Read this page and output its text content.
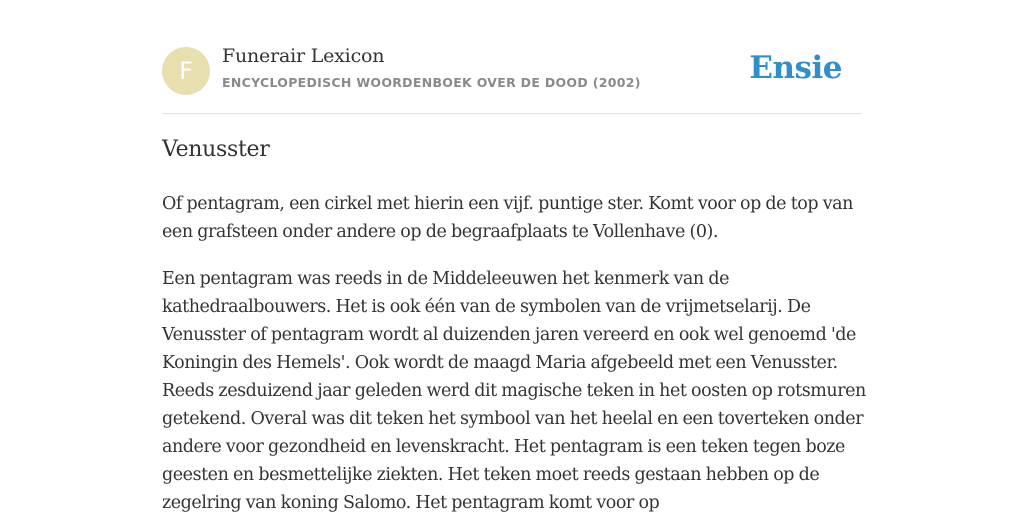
F
Funerair Lexicon
ENCYCLOPEDISCH WOORDENBOEK OVER DE DOOD (2002)	Ensie
Venusster

Of pentagram, een cirkel met hierin een vijf. puntige ster. Komt voor op de top van een grafsteen onder andere op de begraafplaats te Vollenhave (0).

Een pentagram was reeds in de Middeleeuwen het kenmerk van de kathedraalbouwers. Het is ook één van de symbolen van de vrijmetselarij. De Venusster of pentagram wordt al duizenden jaren vereerd en ook wel genoemd 'de Koningin des Hemels'. Ook wordt de maagd Maria afgebeeld met een Venusster. Reeds zesduizend jaar geleden werd dit magische teken in het oosten op rotsmuren getekend. Overal was dit teken het symbool van het heelal en een toverteken onder andere voor gezondheid en levenskracht. Het pentagram is een teken tegen boze geesten en besmettelijke ziekten. Het teken moet reeds gestaan hebben op de zegelring van koning Salomo. Het pentagram komt voor op
